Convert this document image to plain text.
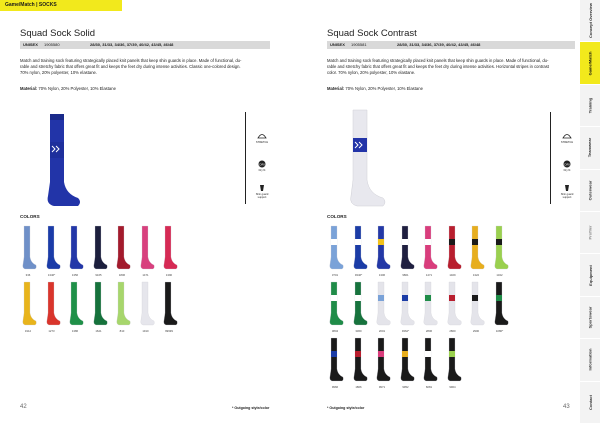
Game/Match | SOCKS
Squad Sock Solid
UNISEX	1905580	28/30, 31/33, 34/36, 37/39, 40/42, 43/45, 46/48
Match and training sock featuring strategically placed knit panels that keep shin guards in place. Made of functional, du-
rable and stretchy fabric that offers great fit and keeps the feet dry during intense activities. Classic one-colored design.
70% nylon, 20% polyester, 10% elastane.
Material: 70% Nylon, 20% Polyester, 10% Elastane
STRETCH
DRI
Dry fit
Shin guard support
COLORS
336	1346*	1356	9165	1806	1471	1390
1912	1273	1386	1621	810	1910	99999
42	* Outgoing style/color
Squad Sock Contrast
UNISEX	1905581	28/30, 31/33, 34/36, 37/39, 40/42, 43/45, 46/48
Match and training sock featuring strategically placed knit panels that keep shin guards in place. Made of functional, du-
rable and stretchy fabric that offers great fit and keeps the feet dry during intense activities. Horizontal stripes in contrast
color. 70% nylon, 20% polyester, 10% elastane.
Material: 70% Nylon, 20% Polyester, 10% Elastane
STRETCH
DRI
Dry fit
Shin guard support
COLORS
3701	9346*	1306	9801	1471	1409	1322	1322
3804	3360	2001	9362*	2806	2800	2900	1080*
9966	1806	9971	9952	6081	9904
* Outgoing style/color	43
Concept Overview
Game/Match
Training
Teamwear
Outerwear
Profiler
Equipment
Sportswear
Information
Contact
